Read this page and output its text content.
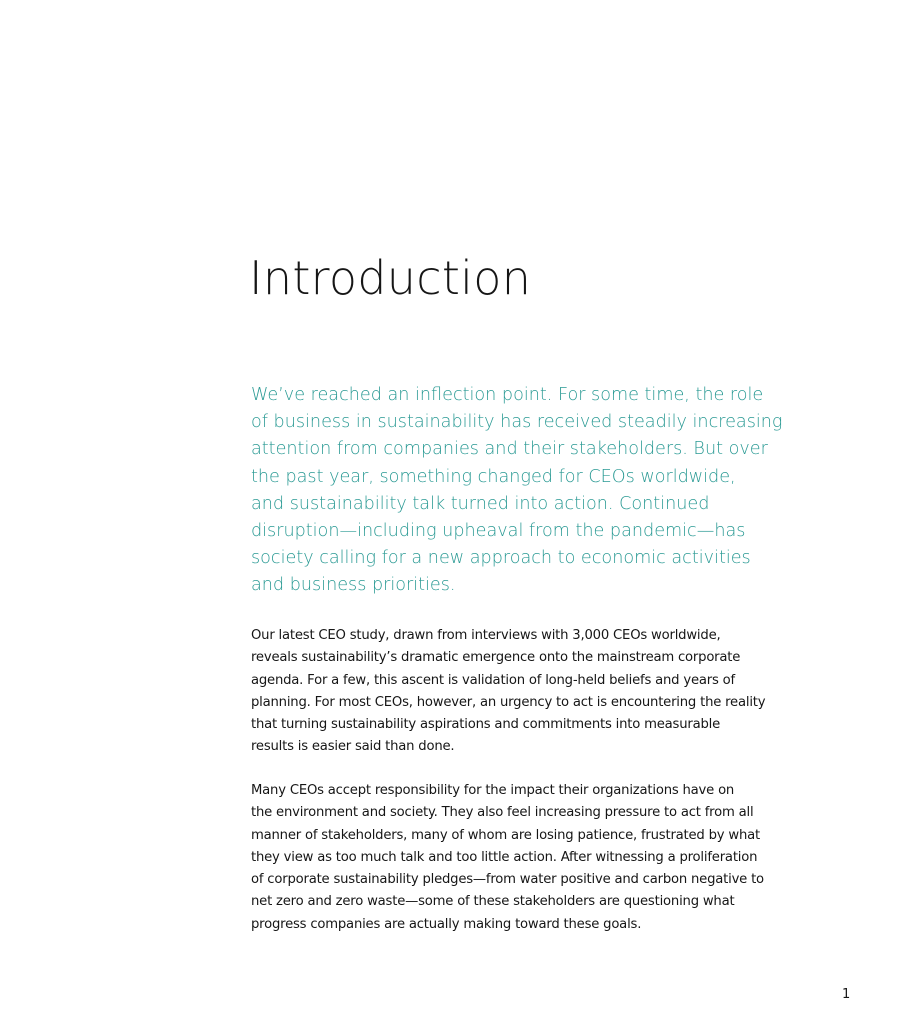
Introduction

We’ve reached an inflection point. For some time, the role
of business in sustainability has received steadily increasing
attention from companies and their stakeholders. But over
the past year, something changed for CEOs worldwide,
and sustainability talk turned into action. Continued
disruption—including upheaval from the pandemic—has
society calling for a new approach to economic activities
and business priorities.

Our latest CEO study, drawn from interviews with 3,000 CEOs worldwide,
reveals sustainability’s dramatic emergence onto the mainstream corporate
agenda. For a few, this ascent is validation of long-held beliefs and years of
planning. For most CEOs, however, an urgency to act is encountering the reality
that turning sustainability aspirations and commitments into measurable
results is easier said than done.

Many CEOs accept responsibility for the impact their organizations have on
the environment and society. They also feel increasing pressure to act from all
manner of stakeholders, many of whom are losing patience, frustrated by what
they view as too much talk and too little action. After witnessing a proliferation
of corporate sustainability pledges—from water positive and carbon negative to
net zero and zero waste—some of these stakeholders are questioning what
progress companies are actually making toward these goals.

1
